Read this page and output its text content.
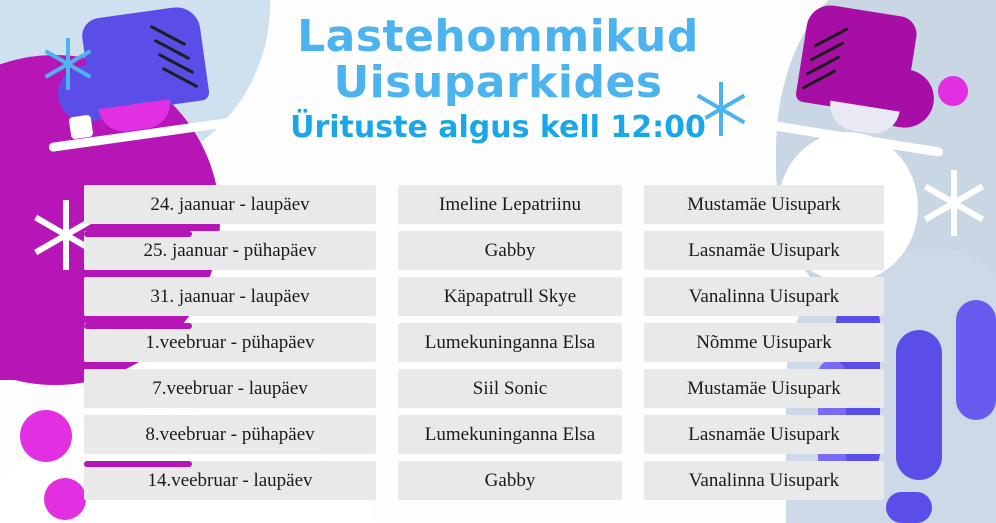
Lastehommikud
Uisuparkides
Ürituste algus kell 12:00
24. jaanuar - laupäev	Imeline Lepatriinu	Mustamäe Uisupark
25. jaanuar - pühapäev	Gabby	Lasnamäe Uisupark
31. jaanuar - laupäev	Käpapatrull Skye	Vanalinna Uisupark
1.veebruar - pühapäev	Lumekuninganna Elsa	Nõmme Uisupark
7.veebruar - laupäev	Siil Sonic	Mustamäe Uisupark
8.veebruar - pühapäev	Lumekuninganna Elsa	Lasnamäe Uisupark
14.veebruar - laupäev	Gabby	Vanalinna Uisupark
